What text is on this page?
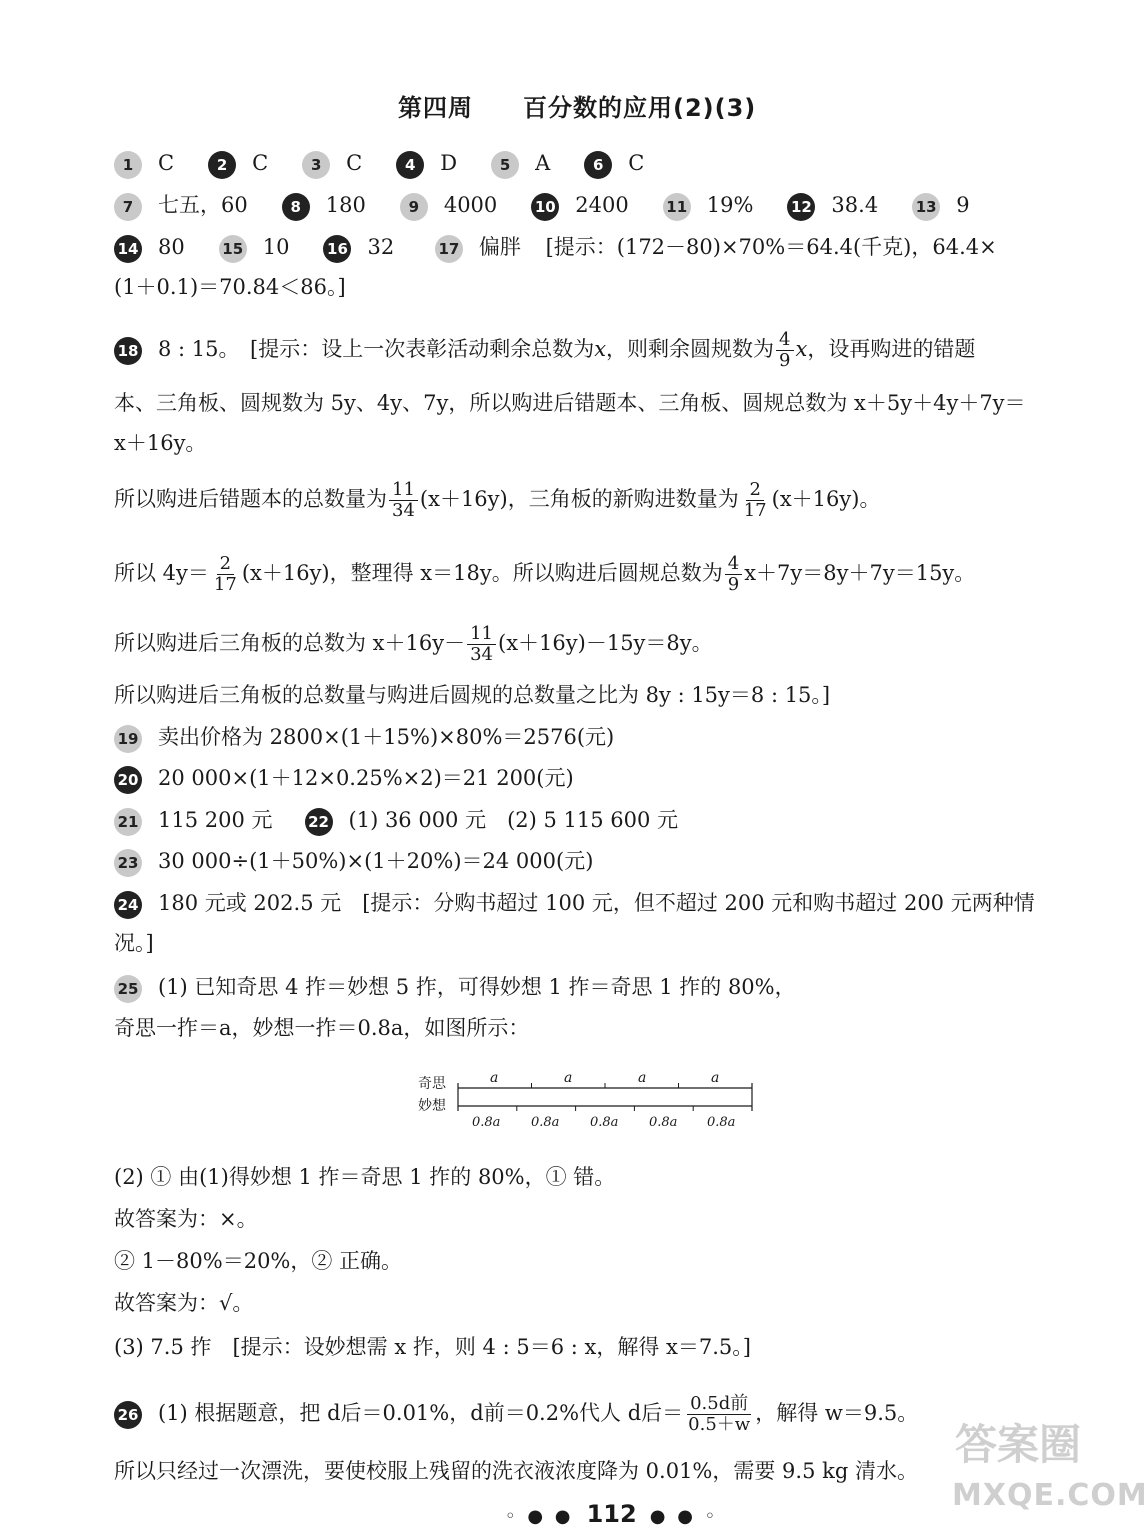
第四周　　百分数的应用(2)(3)
1 C	2 C	3 C	4 D	5 A	6 C
7 七五，60	8 180	9 4000	10 2400	11 19%	12 38.4	13 9
14 80	15 10	16 32	17 偏胖 [提示：(172－80)×70%＝64.4(千克)，64.4×
(1＋0.1)＝70.84＜86。]
18 8 : 15。　[提示：设上一次表彰活动剩余总数为x，则剩余圆规数为 $\frac{4}{9}$ x，设再购进的错题
本、三角板、圆规数为 5y、4y、7y，所以购进后错题本、三角板、圆规总数为 x＋5y＋4y＋7y＝
x＋16y。
所以购进后错题本的总数量为 $\frac{11}{34} (x+16y)$，三角板的新购进数量为 $\frac{2}{17} (x+16y)$。
所以 $4y= \frac{2}{17} (x+16y)$，整理得 x＝18y。所以购进后圆规总数为 $\frac{4}{9} x+7y=8y+7y=15y$。
所以购进后三角板的总数为 $x+16y- \frac{11}{34} (x+16y)-15y=8y$。
所以购进后三角板的总数量与购进后圆规的总数量之比为 8y : 15y＝8 : 15。]
19 卖出价格为 2800×(1＋15%)×80%＝2576(元)
20 20 000×(1＋12×0.25%×2)＝21 200(元)
21 115 200 元 22 (1) 36 000 元　(2) 5 115 600 元
23 30 000÷(1＋50%)×(1＋20%)＝24 000(元)
24 180 元或 202.5 元　[提示：分购书超过 100 元，但不超过 200 元和购书超过 200 元两种情
况。]
25 (1) 已知奇思 4 拃＝妙想 5 拃，可得妙想 1 拃＝奇思 1 拃的 80%，
奇思一拃＝a，妙想一拃＝0.8a，如图所示：
奇思
妙想
a	a	a	a
0.8a 0.8a 0.8a 0.8a 0.8a
(2) ① 由(1)得妙想 1 拃＝奇思 1 拃的 80%，① 错。
故答案为：×。
② 1－80%＝20%，② 正确。
故答案为：√。
(3) 7.5 拃　[提示：设妙想需 x 拃，则 4 : 5＝6 : x，解得 x＝7.5。]
26 (1) 根据题意，把 d后＝0.01%，d前＝0.2%代人 d后＝ $\frac{\text{0.5d前}}{0.5+w}$ ，解得 w＝9.5。
所以只经过一次漂洗，要使校服上残留的洗衣液浓度降为 0.01%，需要 9.5 kg 清水。
◦ ● ● 112 ● ● ◦
答案圈
MXQE.COM
